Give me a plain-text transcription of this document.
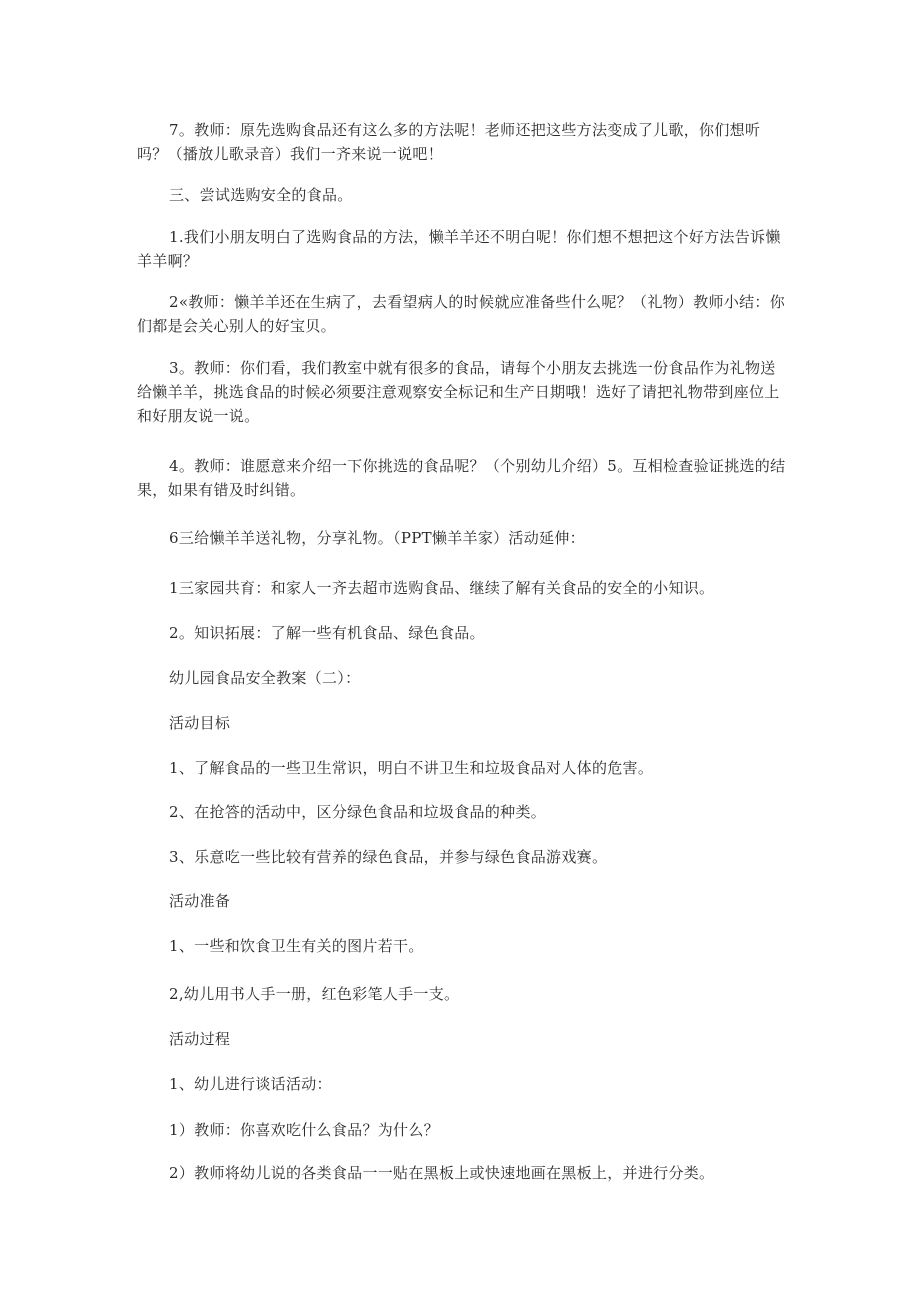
7。教师：原先选购食品还有这么多的方法呢！老师还把这些方法变成了儿歌，你们想听吗？（播放儿歌录音）我们一齐来说一说吧！

三、尝试选购安全的食品。

1.我们小朋友明白了选购食品的方法，懒羊羊还不明白呢！你们想不想把这个好方法告诉懒羊羊啊？

2«教师：懒羊羊还在生病了，去看望病人的时候就应准备些什么呢？（礼物）教师小结：你们都是会关心别人的好宝贝。

3。教师：你们看，我们教室中就有很多的食品，请每个小朋友去挑选一份食品作为礼物送给懒羊羊，挑选食品的时候必须要注意观察安全标记和生产日期哦！选好了请把礼物带到座位上和好朋友说一说。

4。教师：谁愿意来介绍一下你挑选的食品呢？（个别幼儿介绍）5。互相检查验证挑选的结果，如果有错及时纠错。

6三给懒羊羊送礼物，分享礼物。（PPT懒羊羊家）活动延伸：

1三家园共育：和家人一齐去超市选购食品、继续了解有关食品的安全的小知识。

2。知识拓展：了解一些有机食品、绿色食品。

幼儿园食品安全教案（二）：

活动目标

1、了解食品的一些卫生常识，明白不讲卫生和垃圾食品对人体的危害。

2、在抢答的活动中，区分绿色食品和垃圾食品的种类。

3、乐意吃一些比较有营养的绿色食品，并参与绿色食品游戏赛。

活动准备

1、一些和饮食卫生有关的图片若干。

2,幼儿用书人手一册，红色彩笔人手一支。

活动过程

1、幼儿进行谈话活动：

1）教师：你喜欢吃什么食品？为什么？

2）教师将幼儿说的各类食品一一贴在黑板上或快速地画在黑板上，并进行分类。
